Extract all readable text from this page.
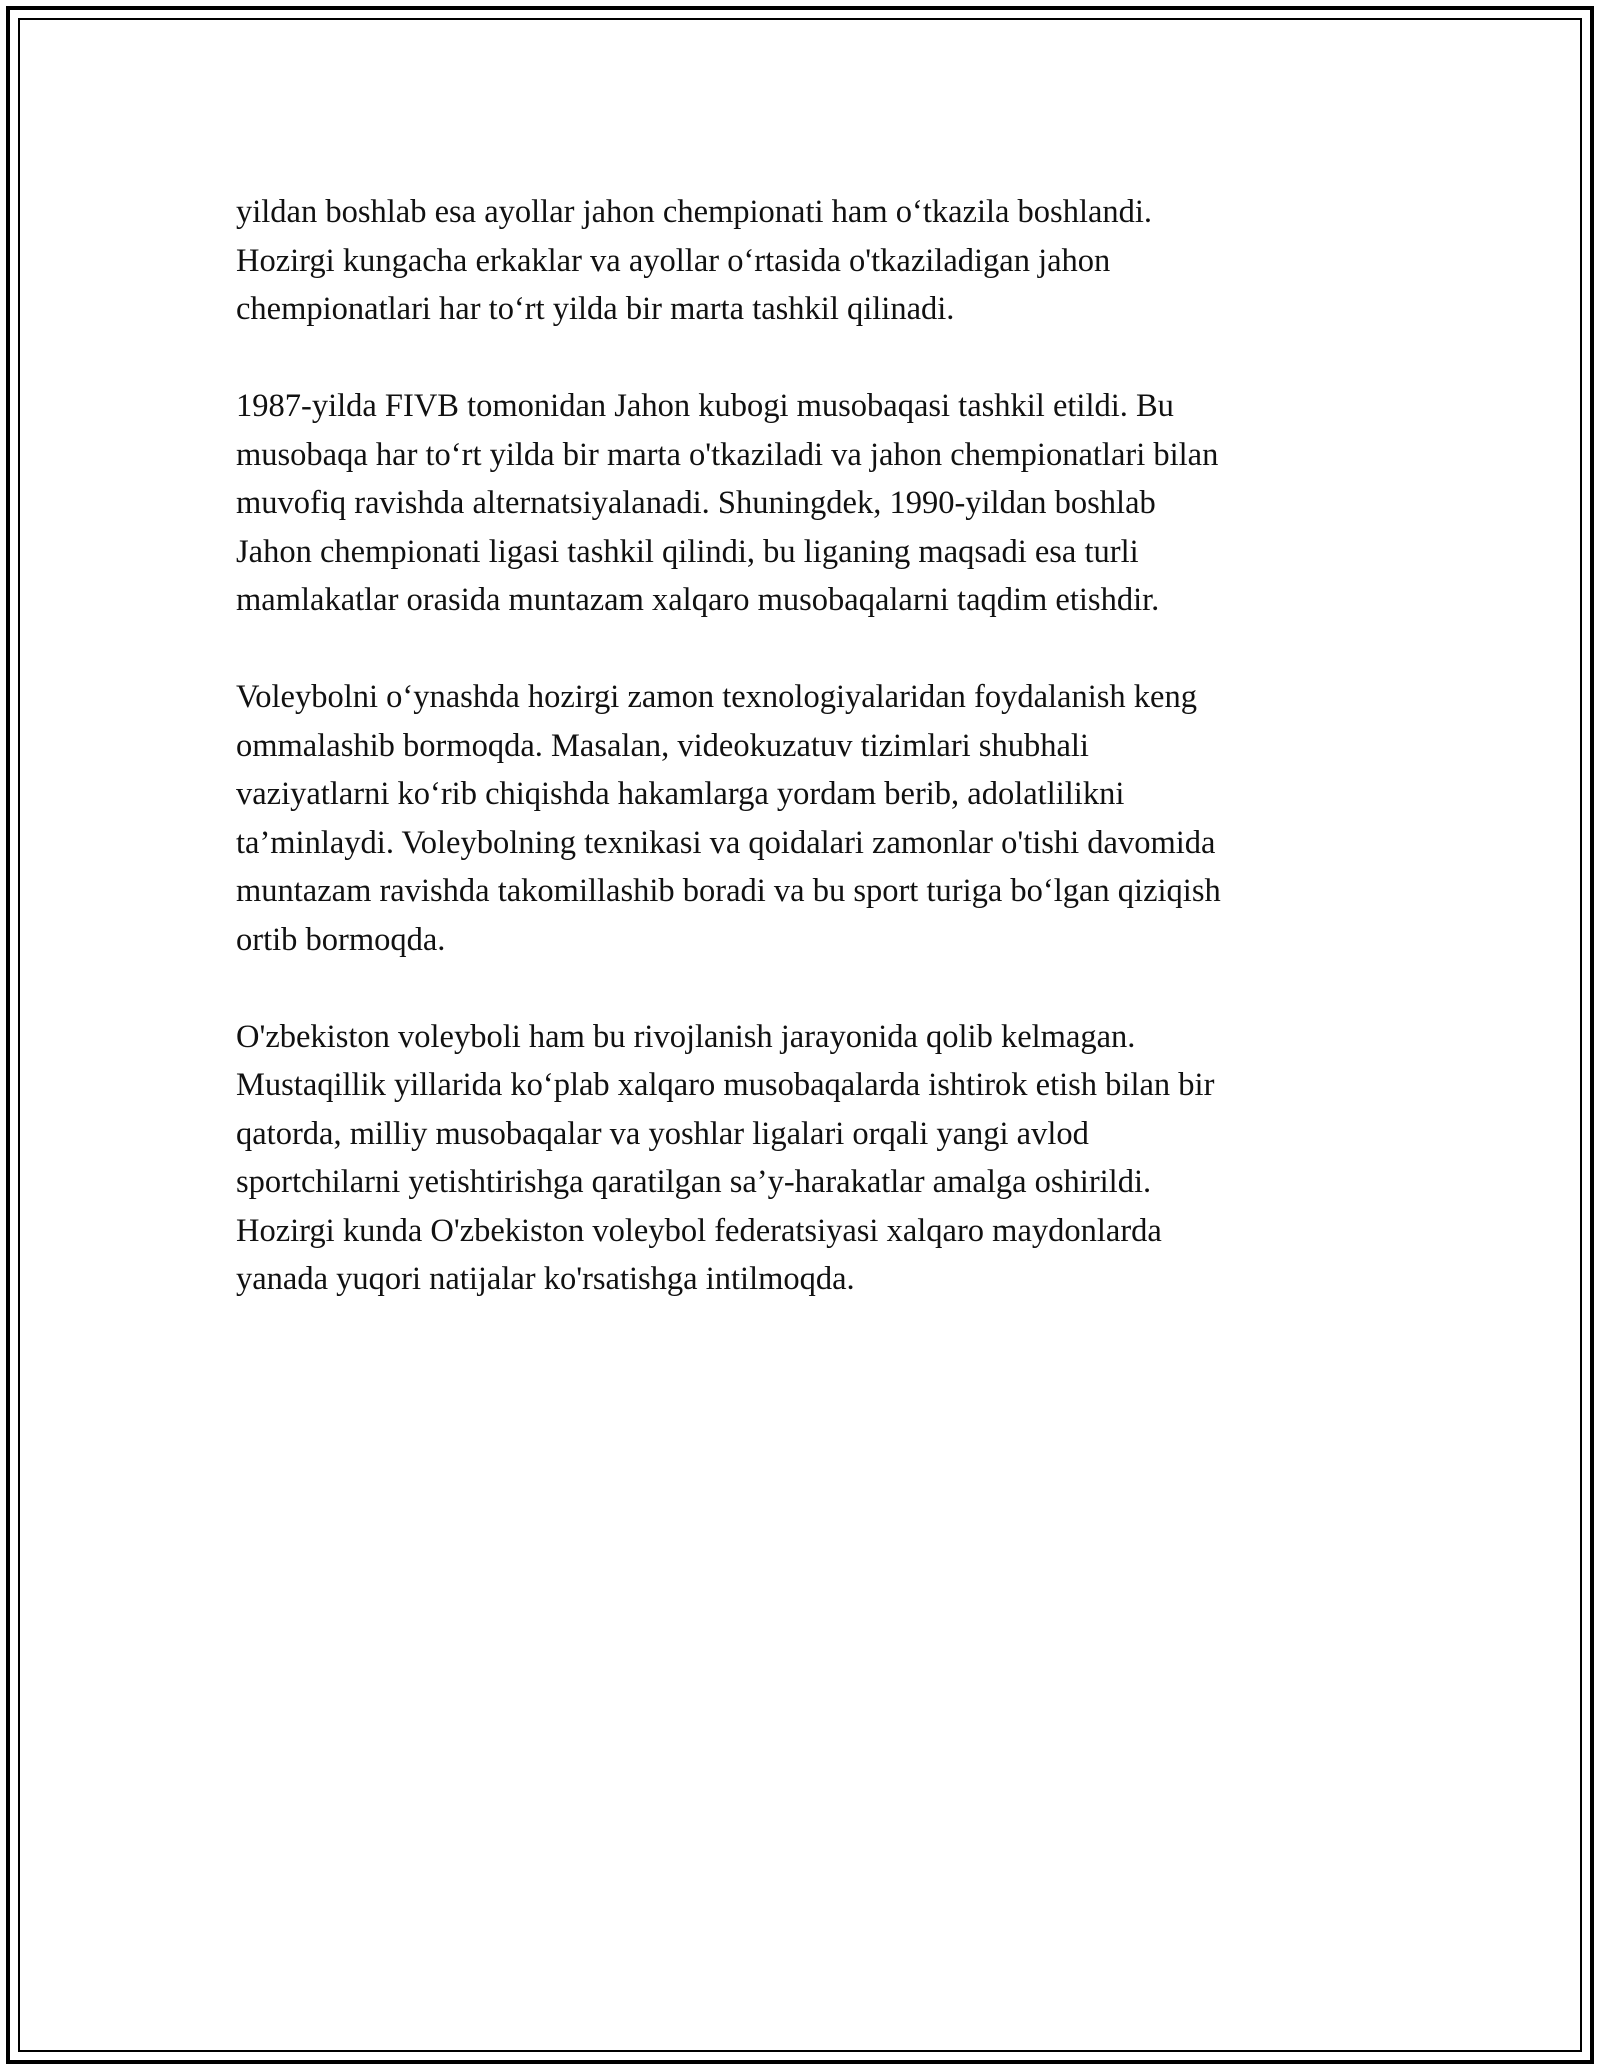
yildan boshlab esa ayollar jahon chempionati ham o‘tkazila boshlandi.
Hozirgi kungacha erkaklar va ayollar o‘rtasida o'tkaziladigan jahon
chempionatlari har to‘rt yilda bir marta tashkil qilinadi.

1987-yilda FIVB tomonidan Jahon kubogi musobaqasi tashkil etildi. Bu
musobaqa har to‘rt yilda bir marta o'tkaziladi va jahon chempionatlari bilan
muvofiq ravishda alternatsiyalanadi. Shuningdek, 1990-yildan boshlab
Jahon chempionati ligasi tashkil qilindi, bu liganing maqsadi esa turli
mamlakatlar orasida muntazam xalqaro musobaqalarni taqdim etishdir.

Voleybolni o‘ynashda hozirgi zamon texnologiyalaridan foydalanish keng
ommalashib bormoqda. Masalan, videokuzatuv tizimlari shubhali
vaziyatlarni ko‘rib chiqishda hakamlarga yordam berib, adolatlilikni
ta’minlaydi. Voleybolning texnikasi va qoidalari zamonlar o'tishi davomida
muntazam ravishda takomillashib boradi va bu sport turiga bo‘lgan qiziqish
ortib bormoqda.

O'zbekiston voleyboli ham bu rivojlanish jarayonida qolib kelmagan.
Mustaqillik yillarida ko‘plab xalqaro musobaqalarda ishtirok etish bilan bir
qatorda, milliy musobaqalar va yoshlar ligalari orqali yangi avlod
sportchilarni yetishtirishga qaratilgan sa’y-harakatlar amalga oshirildi.
Hozirgi kunda O'zbekiston voleybol federatsiyasi xalqaro maydonlarda
yanada yuqori natijalar ko'rsatishga intilmoqda.
